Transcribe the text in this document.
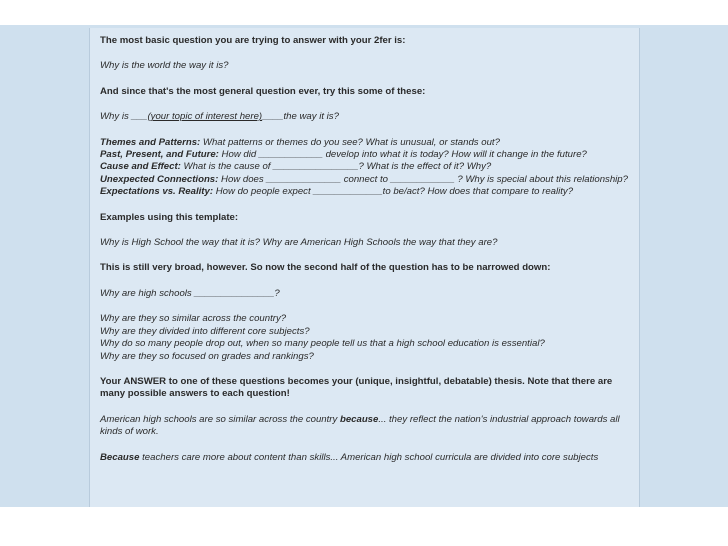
The most basic question you are trying to answer with your 2fer is:

Why is the world the way it is?

And since that's the most general question ever, try this some of these:

Why is ___(your topic of interest here)____the way it is?

Themes and Patterns: What patterns or themes do you see? What is unusual, or stands out?

Past, Present, and Future: How did ____________ develop into what it is today? How will it change in the future?

Cause and Effect: What is the cause of ________________? What is the effect of it? Why?

Unexpected Connections: How does ______________ connect to ____________ ? Why is special about this relationship?

Expectations vs. Reality: How do people expect _____________to be/act? How does that compare to reality?

Examples using this template:

Why is High School the way that it is? Why are American High Schools the way that they are?

This is still very broad, however. So now the second half of the question has to be narrowed down:

Why are high schools _______________?

Why are they so similar across the country?

Why are they divided into different core subjects?

Why do so many people drop out, when so many people tell us that a high school education is essential?

Why are they so focused on grades and rankings?

Your ANSWER to one of these questions becomes your (unique, insightful, debatable) thesis. Note that there are many possible answers to each question!

American high schools are so similar across the country because... they reflect the nation's industrial approach towards all kinds of work.

Because teachers care more about content than skills... American high school curricula are divided into core subjects
